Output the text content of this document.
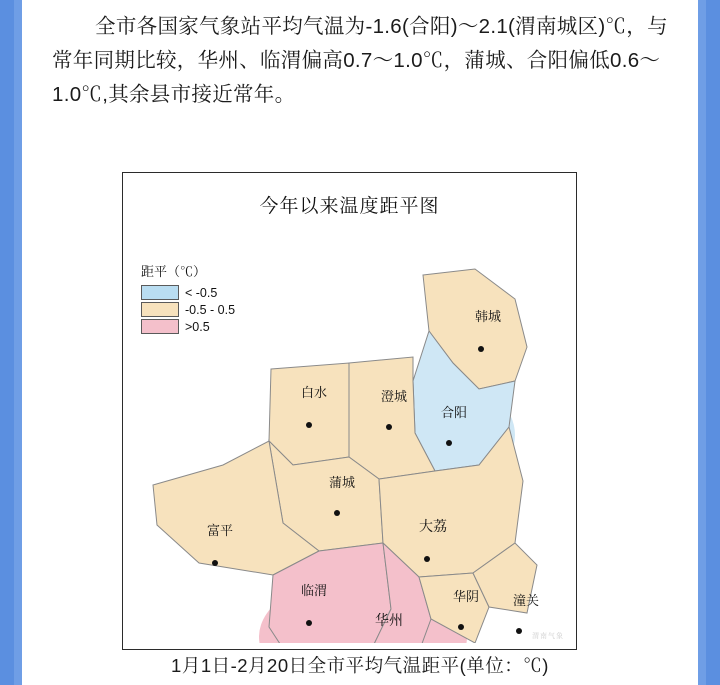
全市各国家气象站平均气温为-1.6(合阳)～2.1(渭南城区)℃，与常年同期比较，华州、临渭偏高0.7～1.0℃，蒲城、合阳偏低0.6～1.0℃,其余县市接近常年。

今年以来温度距平图
距平（℃）
< -0.5
-0.5 - 0.5
>0.5
韩城
白水	澄城
合阳
蒲城
富平	大荔
临渭
华州
华阴	潼关
渭南气象
1月1日-2月20日全市平均气温距平(单位：℃)
